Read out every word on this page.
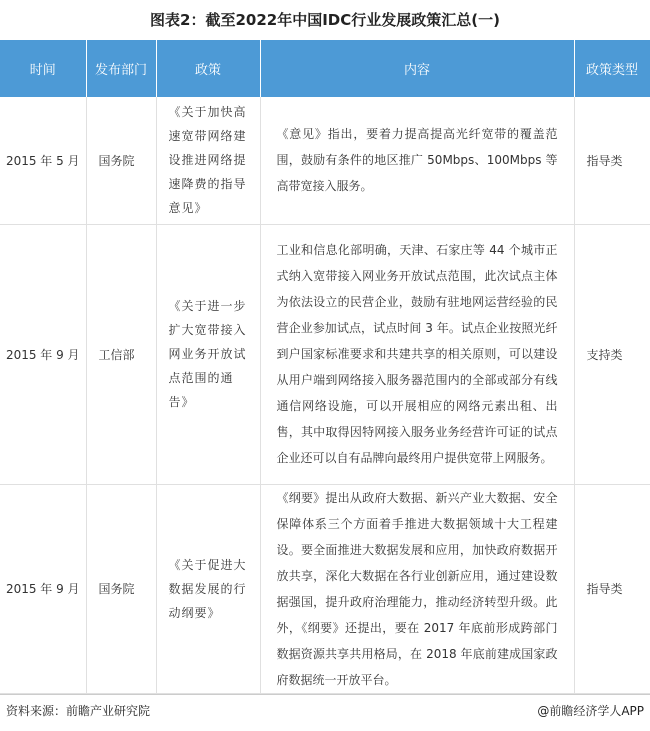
图表2：截至2022年中国IDC行业发展政策汇总(一)
时间	发布部门	政策	内容	政策类型
2015 年 5 月	国务院	《关于加快高速宽带网络建设推进网络提速降费的指导意见》	《意见》指出，要着力提高提高光纤宽带的覆盖范围，鼓励有条件的地区推广 50Mbps、100Mbps 等高带宽接入服务。	指导类
2015 年 9 月	工信部	《关于进一步扩大宽带接入网业务开放试点范围的通告》	工业和信息化部明确，天津、石家庄等 44 个城市正式纳入宽带接入网业务开放试点范围，此次试点主体为依法设立的民营企业，鼓励有驻地网运营经验的民营企业参加试点，试点时间 3 年。试点企业按照光纤到户国家标准要求和共建共享的相关原则，可以建设从用户端到网络接入服务器范围内的全部或部分有线通信网络设施，可以开展相应的网络元素出租、出售，其中取得因特网接入服务业务经营许可证的试点企业还可以自有品牌向最终用户提供宽带上网服务。	支持类
2015 年 9 月	国务院	《关于促进大数据发展的行动纲要》	《纲要》提出从政府大数据、新兴产业大数据、安全保障体系三个方面着手推进大数据领域十大工程建设。要全面推进大数据发展和应用，加快政府数据开放共享，深化大数据在各行业创新应用，通过建设数据强国，提升政府治理能力，推动经济转型升级。此外，《纲要》还提出，要在 2017 年底前形成跨部门数据资源共享共用格局，在 2018 年底前建成国家政府数据统一开放平台。	指导类
资料来源：前瞻产业研究院	@前瞻经济学人APP
